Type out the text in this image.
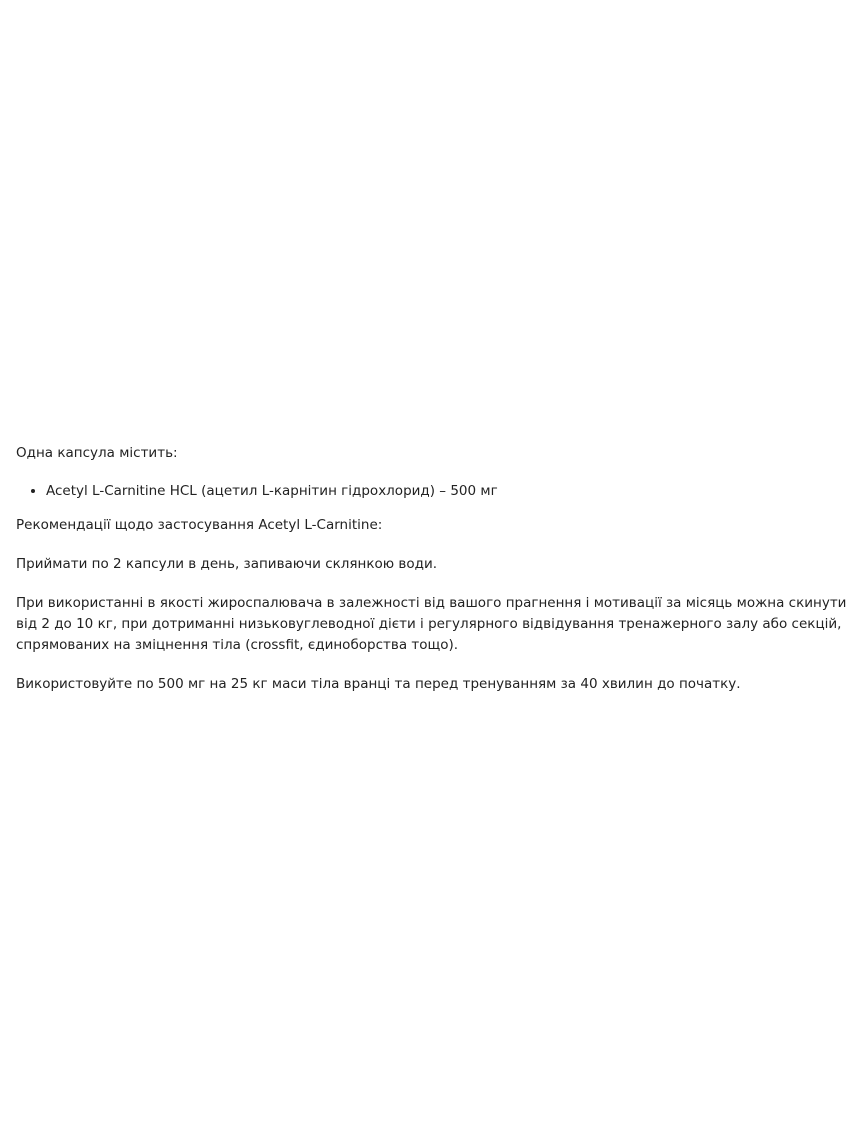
Одна капсула містить:

• Acetyl L-Carnitine HCL (ацетил L-карнітин гідрохлорид) – 500 мг

Рекомендації щодо застосування Acetyl L-Carnitine:

Приймати по 2 капсули в день, запиваючи склянкою води.

При використанні в якості жироспалювача в залежності від вашого прагнення і мотивації за місяць можна скинути від 2 до 10 кг, при дотриманні низьковуглеводної дієти і регулярного відвідування тренажерного залу або секцій, спрямованих на зміцнення тіла (crossfit, єдиноборства тощо).

Використовуйте по 500 мг на 25 кг маси тіла вранці та перед тренуванням за 40 хвилин до початку.
